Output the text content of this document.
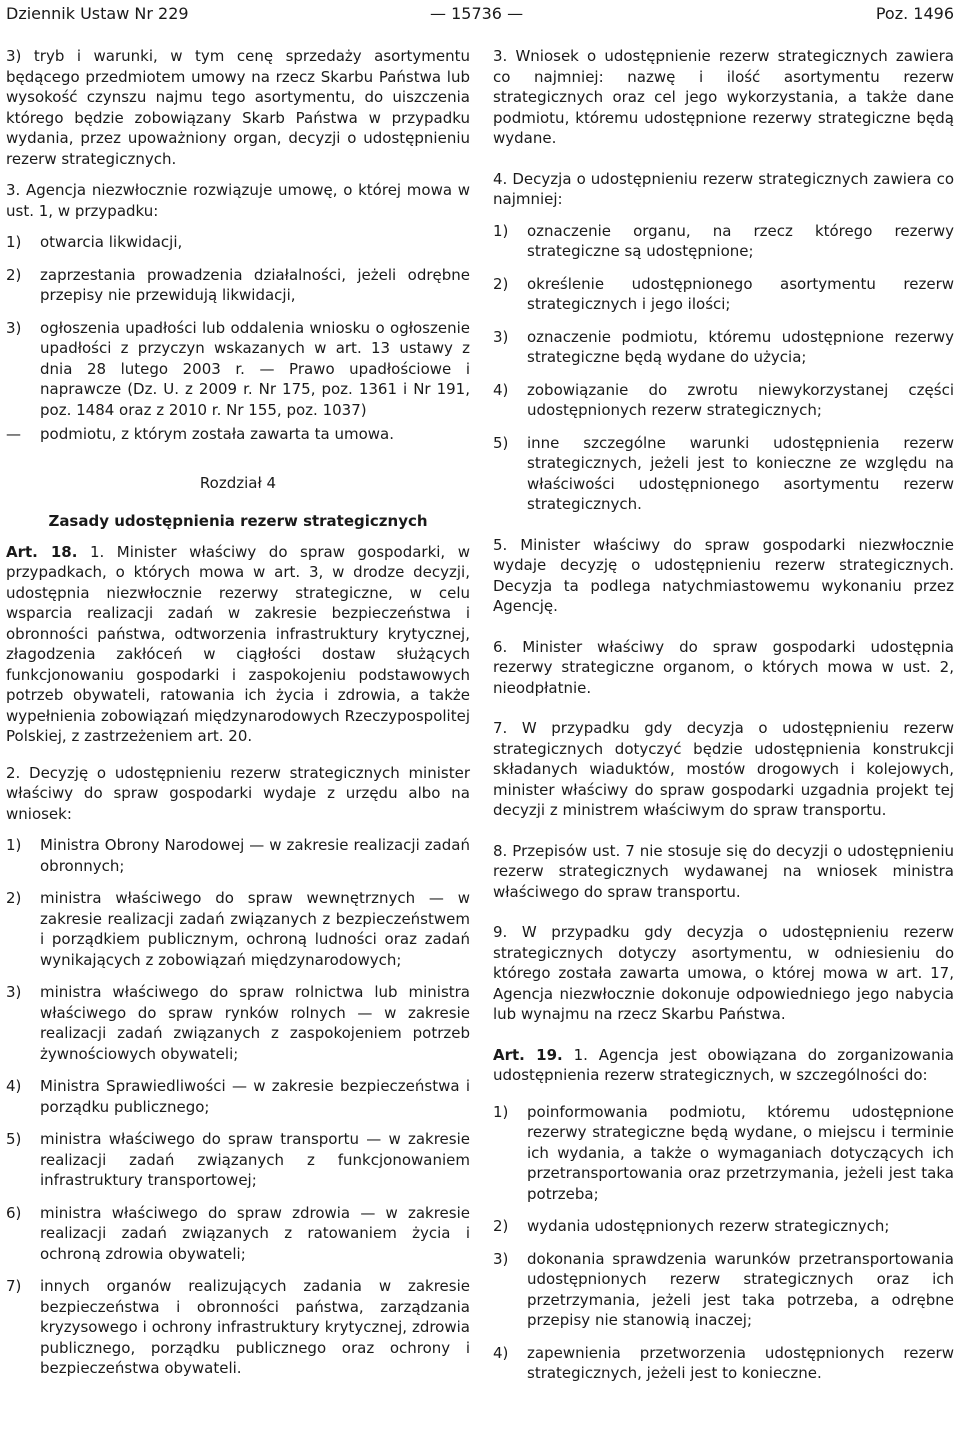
Dziennik Ustaw Nr 229	— 15736 —	Poz. 1496

3) tryb i warunki, w tym cenę sprzedaży asortymentu będącego przedmiotem umowy na rzecz Skarbu Państwa lub wysokość czynszu najmu tego asortymentu, do uiszczenia którego będzie zobowiązany Skarb Państwa w przypadku wydania, przez upoważniony organ, decyzji o udostępnieniu rezerw strategicznych.

3. Agencja niezwłocznie rozwiązuje umowę, o której mowa w ust. 1, w przypadku:

1) otwarcia likwidacji,
2) zaprzestania prowadzenia działalności, jeżeli odrębne przepisy nie przewidują likwidacji,
3) ogłoszenia upadłości lub oddalenia wniosku o ogłoszenie upadłości z przyczyn wskazanych w art. 13 ustawy z dnia 28 lutego 2003 r. — Prawo upadłościowe i naprawcze (Dz. U. z 2009 r. Nr 175, poz. 1361 i Nr 191, poz. 1484 oraz z 2010 r. Nr 155, poz. 1037)
— podmiotu, z którym została zawarta ta umowa.
Rozdział 4
Zasady udostępnienia rezerw strategicznych

Art. 18. 1. Minister właściwy do spraw gospodarki, w przypadkach, o których mowa w art. 3, w drodze decyzji, udostępnia niezwłocznie rezerwy strategiczne, w celu wsparcia realizacji zadań w zakresie bezpieczeństwa i obronności państwa, odtworzenia infrastruktury krytycznej, złagodzenia zakłóceń w ciągłości dostaw służących funkcjonowaniu gospodarki i zaspokojeniu podstawowych potrzeb obywateli, ratowania ich życia i zdrowia, a także wypełnienia zobowiązań międzynarodowych Rzeczypospolitej Polskiej, z zastrzeżeniem art. 20.

2. Decyzję o udostępnieniu rezerw strategicznych minister właściwy do spraw gospodarki wydaje z urzędu albo na wniosek:

1) Ministra Obrony Narodowej — w zakresie realizacji zadań obronnych;
2) ministra właściwego do spraw wewnętrznych — w zakresie realizacji zadań związanych z bezpieczeństwem i porządkiem publicznym, ochroną ludności oraz zadań wynikających z zobowiązań międzynarodowych;
3) ministra właściwego do spraw rolnictwa lub ministra właściwego do spraw rynków rolnych — w zakresie realizacji zadań związanych z zaspokojeniem potrzeb żywnościowych obywateli;
4) Ministra Sprawiedliwości — w zakresie bezpieczeństwa i porządku publicznego;
5) ministra właściwego do spraw transportu — w zakresie realizacji zadań związanych z funkcjonowaniem infrastruktury transportowej;
6) ministra właściwego do spraw zdrowia — w zakresie realizacji zadań związanych z ratowaniem życia i ochroną zdrowia obywateli;
7) innych organów realizujących zadania w zakresie bezpieczeństwa i obronności państwa, zarządzania kryzysowego i ochrony infrastruktury krytycznej, zdrowia publicznego, porządku publicznego oraz ochrony i bezpieczeństwa obywateli.

3. Wniosek o udostępnienie rezerw strategicznych zawiera co najmniej: nazwę i ilość asortymentu rezerw strategicznych oraz cel jego wykorzystania, a także dane podmiotu, któremu udostępnione rezerwy strategiczne będą wydane.

4. Decyzja o udostępnieniu rezerw strategicznych zawiera co najmniej:

1) oznaczenie organu, na rzecz którego rezerwy strategiczne są udostępnione;
2) określenie udostępnionego asortymentu rezerw strategicznych i jego ilości;
3) oznaczenie podmiotu, któremu udostępnione rezerwy strategiczne będą wydane do użycia;
4) zobowiązanie do zwrotu niewykorzystanej części udostępnionych rezerw strategicznych;
5) inne szczególne warunki udostępnienia rezerw strategicznych, jeżeli jest to konieczne ze względu na właściwości udostępnionego asortymentu rezerw strategicznych.

5. Minister właściwy do spraw gospodarki niezwłocznie wydaje decyzję o udostępnieniu rezerw strategicznych. Decyzja ta podlega natychmiastowemu wykonaniu przez Agencję.

6. Minister właściwy do spraw gospodarki udostępnia rezerwy strategiczne organom, o których mowa w ust. 2, nieodpłatnie.

7. W przypadku gdy decyzja o udostępnieniu rezerw strategicznych dotyczyć będzie udostępnienia konstrukcji składanych wiaduktów, mostów drogowych i kolejowych, minister właściwy do spraw gospodarki uzgadnia projekt tej decyzji z ministrem właściwym do spraw transportu.

8. Przepisów ust. 7 nie stosuje się do decyzji o udostępnieniu rezerw strategicznych wydawanej na wniosek ministra właściwego do spraw transportu.

9. W przypadku gdy decyzja o udostępnieniu rezerw strategicznych dotyczy asortymentu, w odniesieniu do którego została zawarta umowa, o której mowa w art. 17, Agencja niezwłocznie dokonuje odpowiedniego jego nabycia lub wynajmu na rzecz Skarbu Państwa.

Art. 19. 1. Agencja jest obowiązana do zorganizowania udostępnienia rezerw strategicznych, w szczególności do:

1) poinformowania podmiotu, któremu udostępnione rezerwy strategiczne będą wydane, o miejscu i terminie ich wydania, a także o wymaganiach dotyczących ich przetransportowania oraz przetrzymania, jeżeli jest taka potrzeba;
2) wydania udostępnionych rezerw strategicznych;
3) dokonania sprawdzenia warunków przetransportowania udostępnionych rezerw strategicznych oraz ich przetrzymania, jeżeli jest taka potrzeba, a odrębne przepisy nie stanowią inaczej;
4) zapewnienia przetworzenia udostępnionych rezerw strategicznych, jeżeli jest to konieczne.
